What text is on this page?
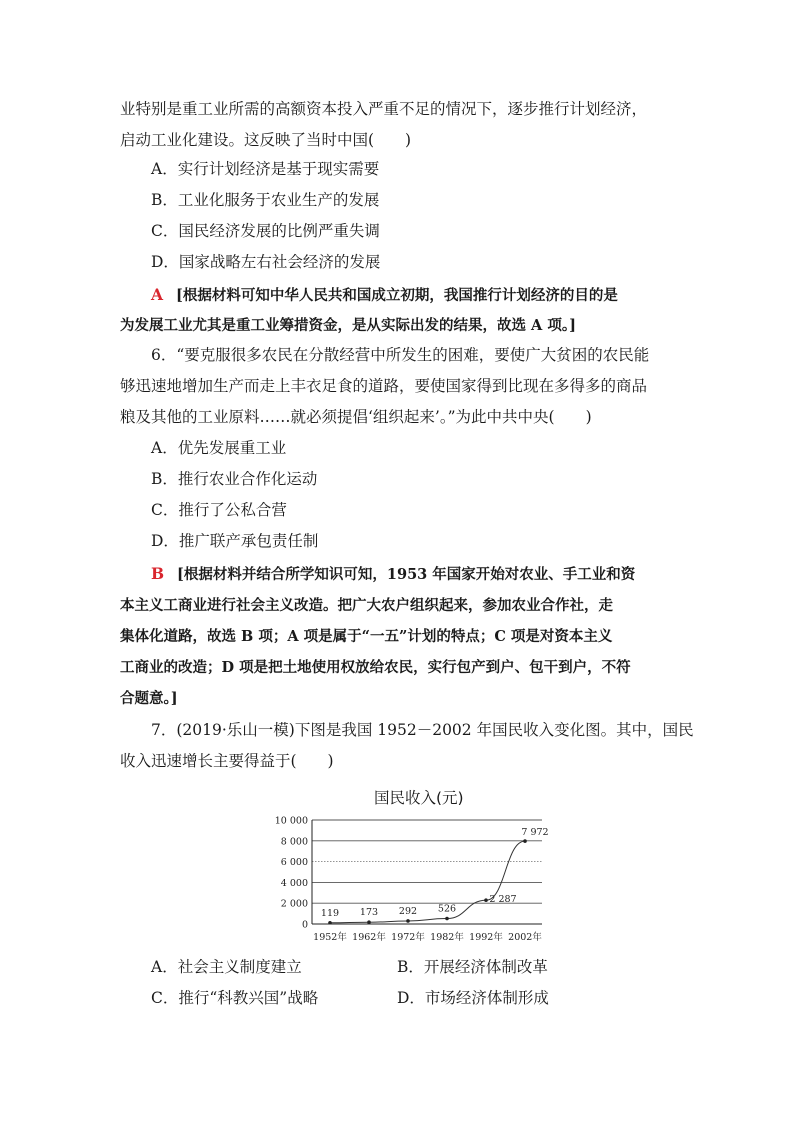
业特别是重工业所需的高额资本投入严重不足的情况下，逐步推行计划经济，
启动工业化建设。这反映了当时中国(　　)
A．实行计划经济是基于现实需要
B．工业化服务于农业生产的发展
C．国民经济发展的比例严重失调
D．国家战略左右社会经济的发展
A [根据材料可知中华人民共和国成立初期，我国推行计划经济的目的是
为发展工业尤其是重工业筹措资金，是从实际出发的结果，故选 A 项。]
6．“要克服很多农民在分散经营中所发生的困难，要使广大贫困的农民能
够迅速地增加生产而走上丰衣足食的道路，要使国家得到比现在多得多的商品
粮及其他的工业原料……就必须提倡‘组织起来’。”为此中共中央(　　)
A．优先发展重工业
B．推行农业合作化运动
C．推行了公私合营
D．推广联产承包责任制
B [根据材料并结合所学知识可知，1953 年国家开始对农业、手工业和资
本主义工商业进行社会主义改造。把广大农户组织起来，参加农业合作社，走
集体化道路，故选 B 项；A 项是属于“一五”计划的特点；C 项是对资本主义
工商业的改造；D 项是把土地使用权放给农民，实行包产到户、包干到户，不符
合题意。]
7．(2019·乐山一模)下图是我国 1952－2002 年国民收入变化图。其中，国民
收入迅速增长主要得益于(　　)
国民收入(元)
0
2 000
4 000
6 000
8 000
10 000
1952年 1962年 1972年 1982年 1992年 2002年
119 173 292 526
2 287
7 972
A．社会主义制度建立	B．开展经济体制改革
C．推行“科教兴国”战略	D．市场经济体制形成
